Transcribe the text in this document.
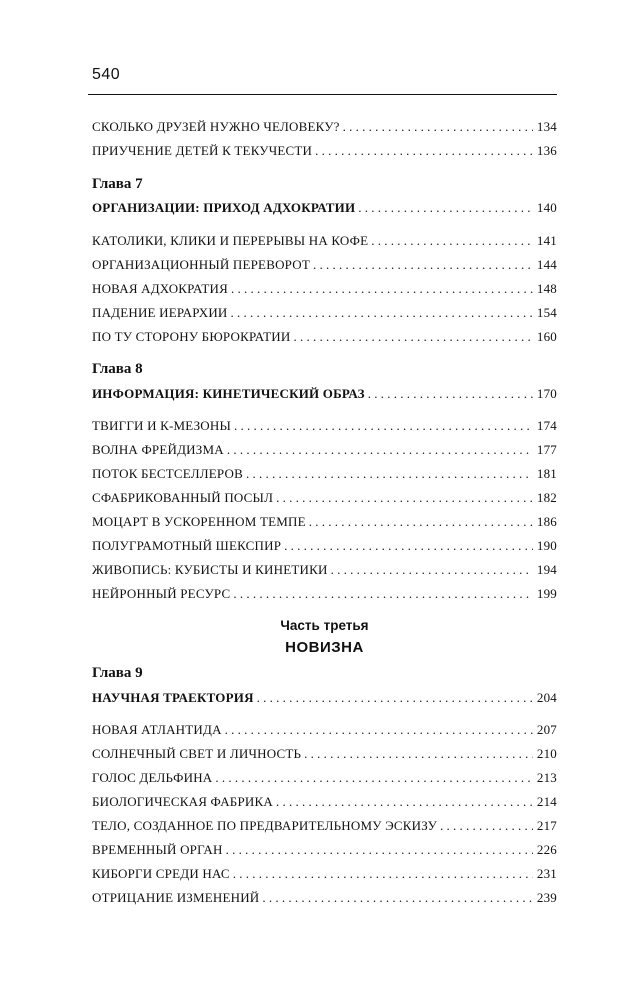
540
СКОЛЬКО ДРУЗЕЙ НУЖНО ЧЕЛОВЕКУ? . . .	134
ПРИУЧЕНИЕ ДЕТЕЙ К ТЕКУЧЕСТИ . . .	136
Глава 7
ОРГАНИЗАЦИИ: ПРИХОД АДХОКРАТИИ . . .	140
КАТОЛИКИ, КЛИКИ И ПЕРЕРЫВЫ НА КОФЕ . . .	141
ОРГАНИЗАЦИОННЫЙ ПЕРЕВОРОТ . . .	144
НОВАЯ АДХОКРАТИЯ . . .	148
ПАДЕНИЕ ИЕРАРХИИ . . .	154
ПО ТУ СТОРОНУ БЮРОКРАТИИ . . .	160
Глава 8
ИНФОРМАЦИЯ: КИНЕТИЧЕСКИЙ ОБРАЗ . . .	170
ТВИГГИ И К-МЕЗОНЫ . . .	174
ВОЛНА ФРЕЙДИЗМА . . .	177
ПОТОК БЕСТСЕЛЛЕРОВ . . .	181
СФАБРИКОВАННЫЙ ПОСЫЛ . . .	182
МОЦАРТ В УСКОРЕННОМ ТЕМПЕ . . .	186
ПОЛУГРАМОТНЫЙ ШЕКСПИР . . .	190
ЖИВОПИСЬ: КУБИСТЫ И КИНЕТИКИ . . .	194
НЕЙРОННЫЙ РЕСУРС . . .	199
Часть третья
НОВИЗНА
Глава 9
НАУЧНАЯ ТРАЕКТОРИЯ . . .	204
НОВАЯ АТЛАНТИДА . . .	207
СОЛНЕЧНЫЙ СВЕТ И ЛИЧНОСТЬ . . .	210
ГОЛОС ДЕЛЬФИНА . . .	213
БИОЛОГИЧЕСКАЯ ФАБРИКА . . .	214
ТЕЛО, СОЗДАННОЕ ПО ПРЕДВАРИТЕЛЬНОМУ ЭСКИЗУ . . .	217
ВРЕМЕННЫЙ ОРГАН . . .	226
КИБОРГИ СРЕДИ НАС . . .	231
ОТРИЦАНИЕ ИЗМЕНЕНИЙ . . .	239
